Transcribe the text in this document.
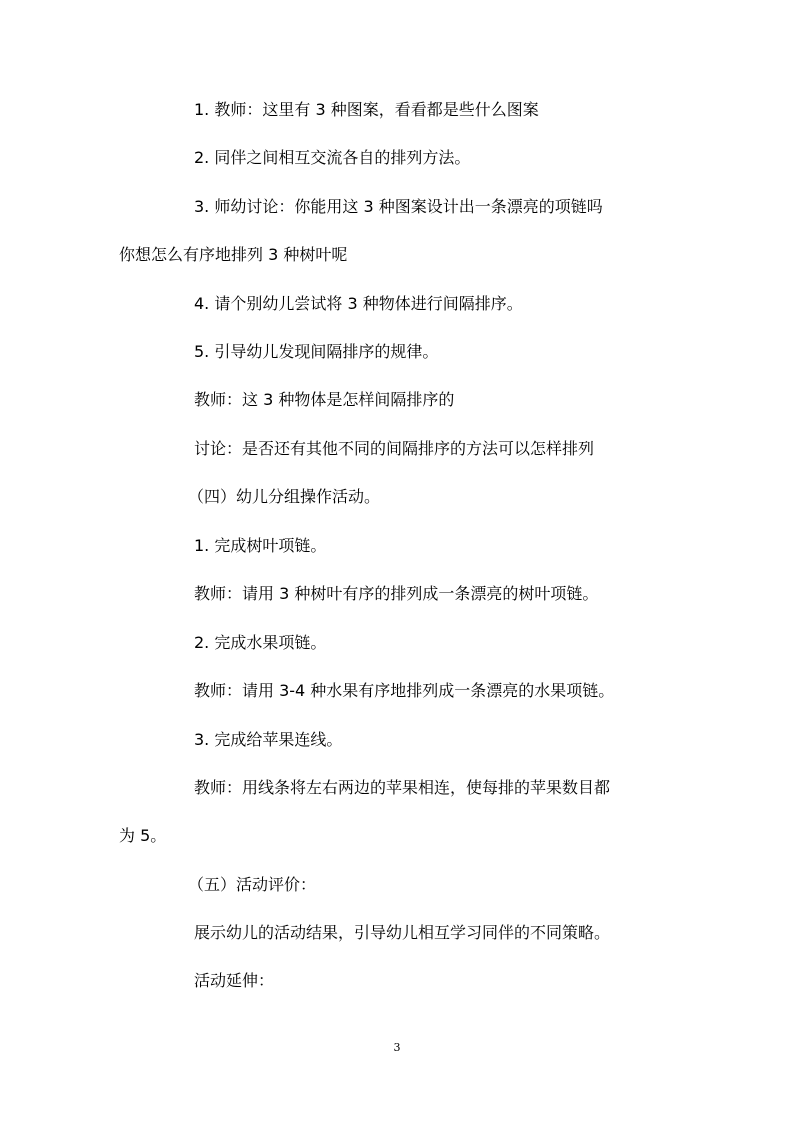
1. 教师：这里有 3 种图案，看看都是些什么图案
2. 同伴之间相互交流各自的排列方法。
3. 师幼讨论：你能用这 3 种图案设计出一条漂亮的项链吗
你想怎么有序地排列 3 种树叶呢
4. 请个别幼儿尝试将 3 种物体进行间隔排序。
5. 引导幼儿发现间隔排序的规律。
教师：这 3 种物体是怎样间隔排序的
讨论：是否还有其他不同的间隔排序的方法可以怎样排列
（四）幼儿分组操作活动。
1. 完成树叶项链。
教师：请用 3 种树叶有序的排列成一条漂亮的树叶项链。
2. 完成水果项链。
教师：请用 3-4 种水果有序地排列成一条漂亮的水果项链。
3. 完成给苹果连线。
教师：用线条将左右两边的苹果相连，使每排的苹果数目都
为 5。
（五）活动评价：
展示幼儿的活动结果，引导幼儿相互学习同伴的不同策略。
活动延伸：
3
